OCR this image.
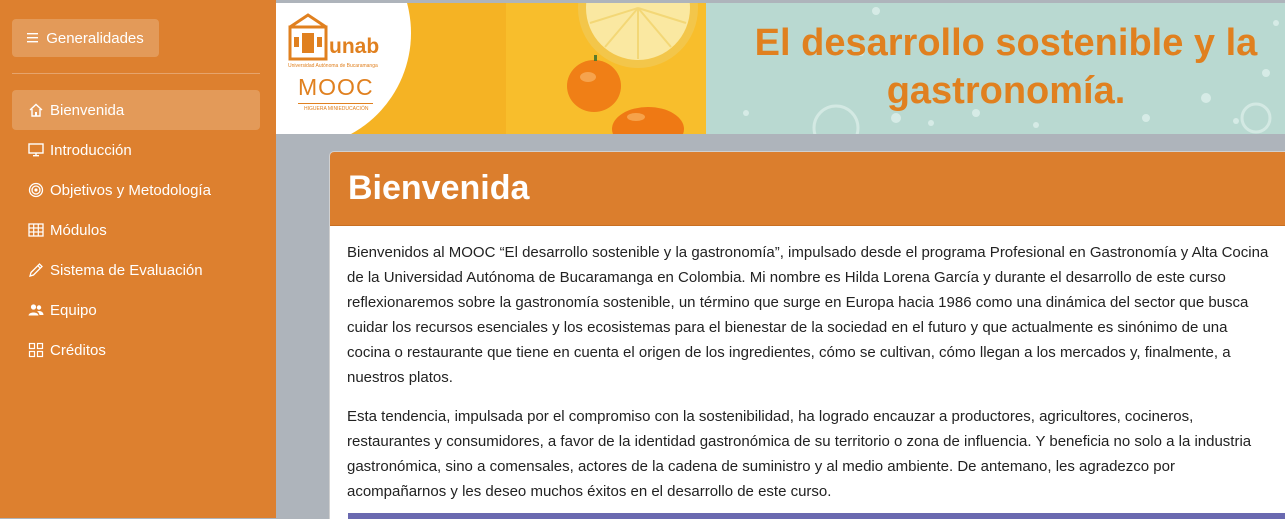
Generalidades
Bienvenida
Introducción
Objetivos y Metodología
Módulos
Sistema de Evaluación
Equipo
Créditos
unab
Universidad Autónoma de Bucaramanga
MOOC
HIGUERA MINIEDUCACIÓN
El desarrollo sostenible y la
gastronomía.
Bienvenida

Bienvenidos al MOOC “El desarrollo sostenible y la gastronomía”, impulsado desde el programa Profesional en Gastronomía y Alta Cocina de la Universidad Autónoma de Bucaramanga en Colombia. Mi nombre es Hilda Lorena García y durante el desarrollo de este curso reflexionaremos sobre la gastronomía sostenible, un término que surge en Europa hacia 1986 como una dinámica del sector que busca cuidar los recursos esenciales y los ecosistemas para el bienestar de la sociedad en el futuro y que actualmente es sinónimo de una cocina o restaurante que tiene en cuenta el origen de los ingredientes, cómo se cultivan, cómo llegan a los mercados y, finalmente, a nuestros platos.

Esta tendencia, impulsada por el compromiso con la sostenibilidad, ha logrado encauzar a productores, agricultores, cocineros, restaurantes y consumidores, a favor de la identidad gastronómica de su territorio o zona de influencia. Y beneficia no solo a la industria gastronómica, sino a comensales, actores de la cadena de suministro y al medio ambiente. De antemano, les agradezco por acompañarnos y les deseo muchos éxitos en el desarrollo de este curso.
